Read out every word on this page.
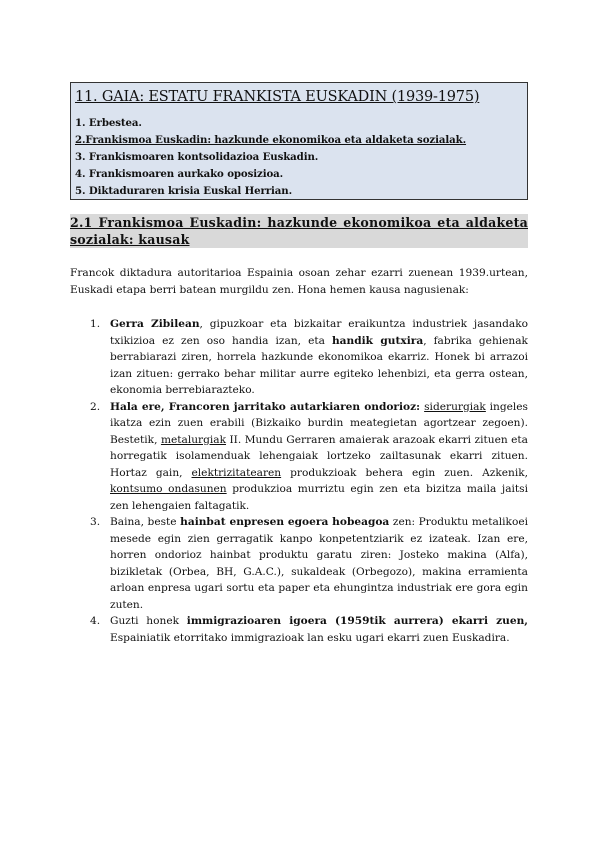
11. GAIA: ESTATU FRANKISTA EUSKADIN (1939-1975)

1. Erbestea.

2.Frankismoa Euskadin: hazkunde ekonomikoa eta aldaketa sozialak.

3. Frankismoaren kontsolidazioa Euskadin.

4. Frankismoaren aurkako oposizioa.

5. Diktaduraren krisia Euskal Herrian.

2.1 Frankismoa Euskadin: hazkunde ekonomikoa eta aldaketa sozialak: kausak

Francok diktadura autoritarioa Espainia osoan zehar ezarri zuenean 1939.urtean, Euskadi etapa berri batean murgildu zen. Hona hemen kausa nagusienak:

1. Gerra Zibilean, gipuzkoar eta bizkaitar eraikuntza industriek jasandako txikizioa ez zen oso handia izan, eta handik gutxira, fabrika gehienak berrabiarazi ziren, horrela hazkunde ekonomikoa ekarriz. Honek bi arrazoi izan zituen: gerrako behar militar aurre egiteko lehenbizi, eta gerra ostean, ekonomia berrebiarazteko.

2. Hala ere, Francoren jarritako autarkiaren ondorioz: siderurgiak ingeles ikatza ezin zuen erabili (Bizkaiko burdin meategietan agortzear zegoen). Bestetik, metalurgiak II. Mundu Gerraren amaierak arazoak ekarri zituen eta horregatik isolamenduak lehengaiak lortzeko zailtasunak ekarri zituen. Hortaz gain, elektrizitatearen produkzioak behera egin zuen. Azkenik, kontsumo ondasunen produkzioa murriztu egin zen eta bizitza maila jaitsi zen lehengaien faltagatik.

3. Baina, beste hainbat enpresen egoera hobeagoa zen: Produktu metalikoei mesede egin zien gerragatik kanpo konpetentziarik ez izateak. Izan ere, horren ondorioz hainbat produktu garatu ziren: Josteko makina (Alfa), bizikletak (Orbea, BH, G.A.C.), sukaldeak (Orbegozo), makina erramienta arloan enpresa ugari sortu eta paper eta ehungintza industriak ere gora egin zuten.

4. Guzti honek immigrazioaren igoera (1959tik aurrera) ekarri zuen, Espainiatik etorritako immigrazioak lan esku ugari ekarri zuen Euskadira.
